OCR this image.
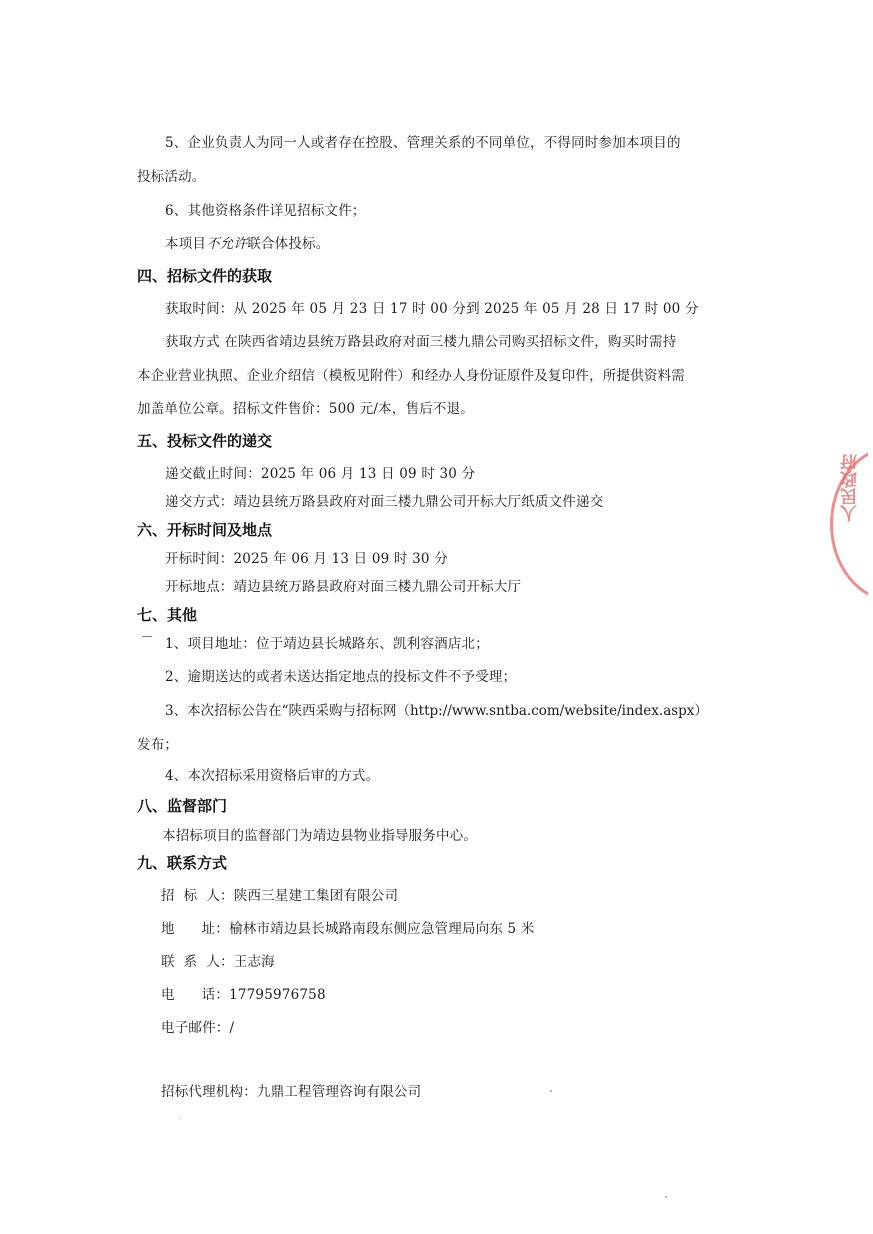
5、企业负责人为同一人或者存在控股、管理关系的不同单位，不得同时参加本项目的
投标活动。
6、其他资格条件详见招标文件；
本项目不允许联合体投标。
四、招标文件的获取
获取时间：从 2025 年 05 月 23 日 17 时 00 分到 2025 年 05 月 28 日 17 时 00 分
获取方式 在陕西省靖边县统万路县政府对面三楼九鼎公司购买招标文件，购买时需持
本企业营业执照、企业介绍信（模板见附件）和经办人身份证原件及复印件，所提供资料需
加盖单位公章。招标文件售价：500 元/本，售后不退。
五、投标文件的递交
递交截止时间：2025 年 06 月 13 日 09 时 30 分
递交方式：靖边县统万路县政府对面三楼九鼎公司开标大厅纸质文件递交
六、开标时间及地点
开标时间：2025 年 06 月 13 日 09 时 30 分
开标地点：靖边县统万路县政府对面三楼九鼎公司开标大厅
七、其他
1、项目地址：位于靖边县长城路东、凯利容酒店北；
2、逾期送达的或者未送达指定地点的投标文件不予受理；
3、本次招标公告在“陕西采购与招标网（http://www.sntba.com/website/index.aspx）
发布；
4、本次招标采用资格后审的方式。
八、监督部门
本招标项目的监督部门为靖边县物业指导服务中心。
九、联系方式
招  标  人：陕西三星建工集团有限公司
地      址：榆林市靖边县长城路南段东侧应急管理局向东 5 米
联  系  人：王志海
电      话：17795976758
电子邮件：/
招标代理机构：九鼎工程管理咨询有限公司
人民政府
